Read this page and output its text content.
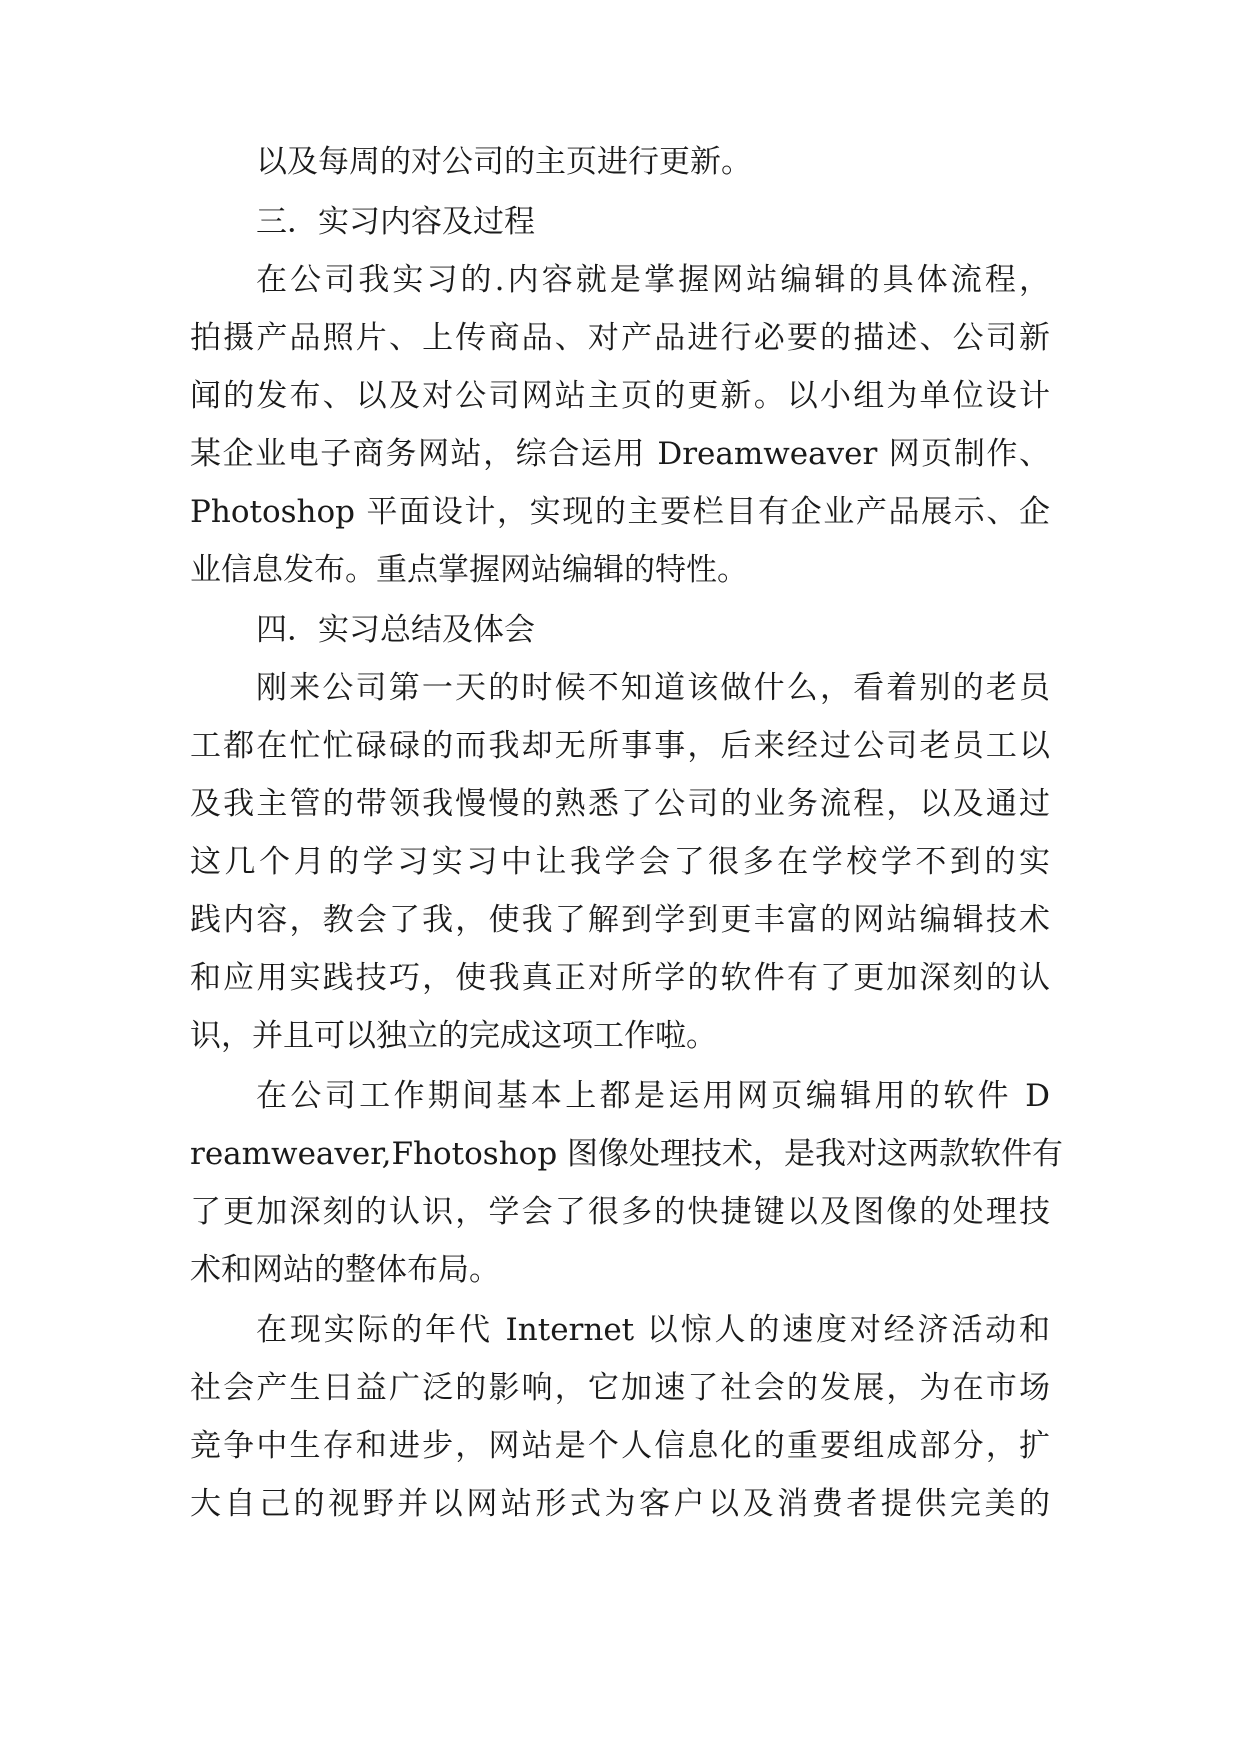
以及每周的对公司的主页进行更新。
三．实习内容及过程
在公司我实习的.内容就是掌握网站编辑的具体流程，
拍摄产品照片、上传商品、对产品进行必要的描述、公司新
闻的发布、以及对公司网站主页的更新。以小组为单位设计
某企业电子商务网站，综合运用 Dreamweaver 网页制作、
Photoshop 平面设计，实现的主要栏目有企业产品展示、企
业信息发布。重点掌握网站编辑的特性。
四．实习总结及体会
刚来公司第一天的时候不知道该做什么，看着别的老员
工都在忙忙碌碌的而我却无所事事，后来经过公司老员工以
及我主管的带领我慢慢的熟悉了公司的业务流程，以及通过
这几个月的学习实习中让我学会了很多在学校学不到的实
践内容，教会了我，使我了解到学到更丰富的网站编辑技术
和应用实践技巧，使我真正对所学的软件有了更加深刻的认
识，并且可以独立的完成这项工作啦。
在公司工作期间基本上都是运用网页编辑用的软件 D
reamweaver,Fhotoshop 图像处理技术，是我对这两款软件有
了更加深刻的认识，学会了很多的快捷键以及图像的处理技
术和网站的整体布局。
在现实际的年代 Internet 以惊人的速度对经济活动和
社会产生日益广泛的影响，它加速了社会的发展，为在市场
竞争中生存和进步，网站是个人信息化的重要组成部分，扩
大自己的视野并以网站形式为客户以及消费者提供完美的
